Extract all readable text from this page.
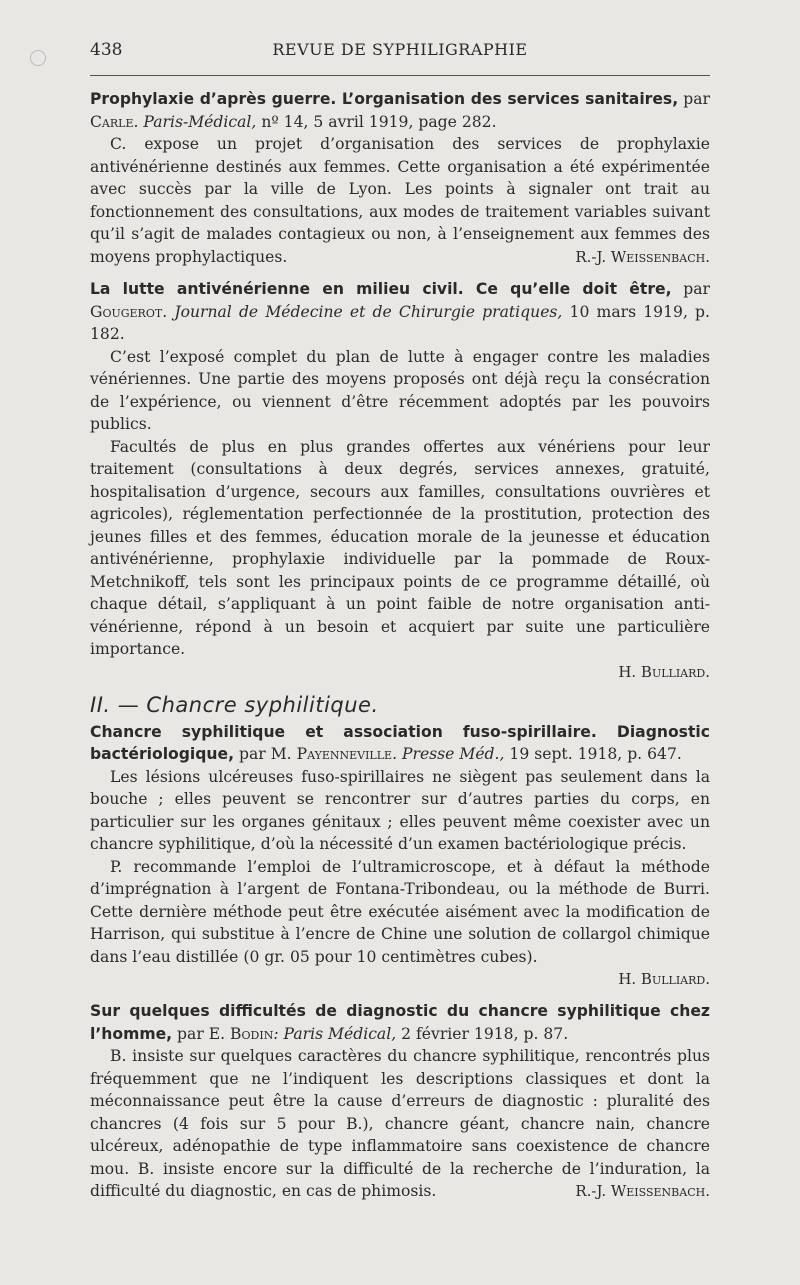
438	REVUE DE SYPHILIGRAPHIE

Prophylaxie d’après guerre. L’organisation des services sanitaires, par Carle. Paris-Médical, nº 14, 5 avril 1919, page 282.

C. expose un projet d’organisation des services de prophylaxie antivénérienne destinés aux femmes. Cette organisation a été expérimentée avec succès par la ville de Lyon. Les points à signaler ont trait au fonctionnement des consultations, aux modes de traitement variables suivant qu’il s’agit de malades contagieux ou non, à l’enseignement aux femmes des moyens prophylactiques.	R.-J. Weissenbach.

La lutte antivénérienne en milieu civil. Ce qu’elle doit être, par Gougerot. Journal de Médecine et de Chirurgie pratiques, 10 mars 1919, p. 182.

C’est l’exposé complet du plan de lutte à engager contre les maladies vénériennes. Une partie des moyens proposés ont déjà reçu la consécration de l’expérience, ou viennent d’être récemment adoptés par les pouvoirs publics.

Facultés de plus en plus grandes offertes aux vénériens pour leur traitement (consultations à deux degrés, services annexes, gratuité, hospitalisation d’urgence, secours aux familles, consultations ouvrières et agricoles), réglementation perfectionnée de la prostitution, protection des jeunes filles et des femmes, éducation morale de la jeunesse et éducation antivénérienne, prophylaxie individuelle par la pommade de Roux-Metchnikoff, tels sont les principaux points de ce programme détaillé, où chaque détail, s’appliquant à un point faible de notre organisation anti-vénérienne, répond à un besoin et acquiert par suite une particulière importance.

H. Bulliard.

II. — Chancre syphilitique.

Chancre syphilitique et association fuso-spirillaire. Diagnostic bactériologique, par M. Payenneville. Presse Méd., 19 sept. 1918, p. 647.

Les lésions ulcéreuses fuso-spirillaires ne siègent pas seulement dans la bouche ; elles peuvent se rencontrer sur d’autres parties du corps, en particulier sur les organes génitaux ; elles peuvent même coexister avec un chancre syphilitique, d’où la nécessité d’un examen bactériologique précis.

P. recommande l’emploi de l’ultramicroscope, et à défaut la méthode d’imprégnation à l’argent de Fontana-Tribondeau, ou la méthode de Burri. Cette dernière méthode peut être exécutée aisément avec la modification de Harrison, qui substitue à l’encre de Chine une solution de collargol chimique dans l’eau distillée (0 gr. 05 pour 10 centimètres cubes).

H. Bulliard.

Sur quelques difficultés de diagnostic du chancre syphilitique chez l’homme, par E. Bodin: Paris Médical, 2 février 1918, p. 87.

B. insiste sur quelques caractères du chancre syphilitique, rencontrés plus fréquemment que ne l’indiquent les descriptions classiques et dont la méconnaissance peut être la cause d’erreurs de diagnostic : pluralité des chancres (4 fois sur 5 pour B.), chancre géant, chancre nain, chancre ulcéreux, adénopathie de type inflammatoire sans coexistence de chancre mou. B. insiste encore sur la difficulté de la recherche de l’induration, la difficulté du diagnostic, en cas de phimosis.	R.-J. Weissenbach.
